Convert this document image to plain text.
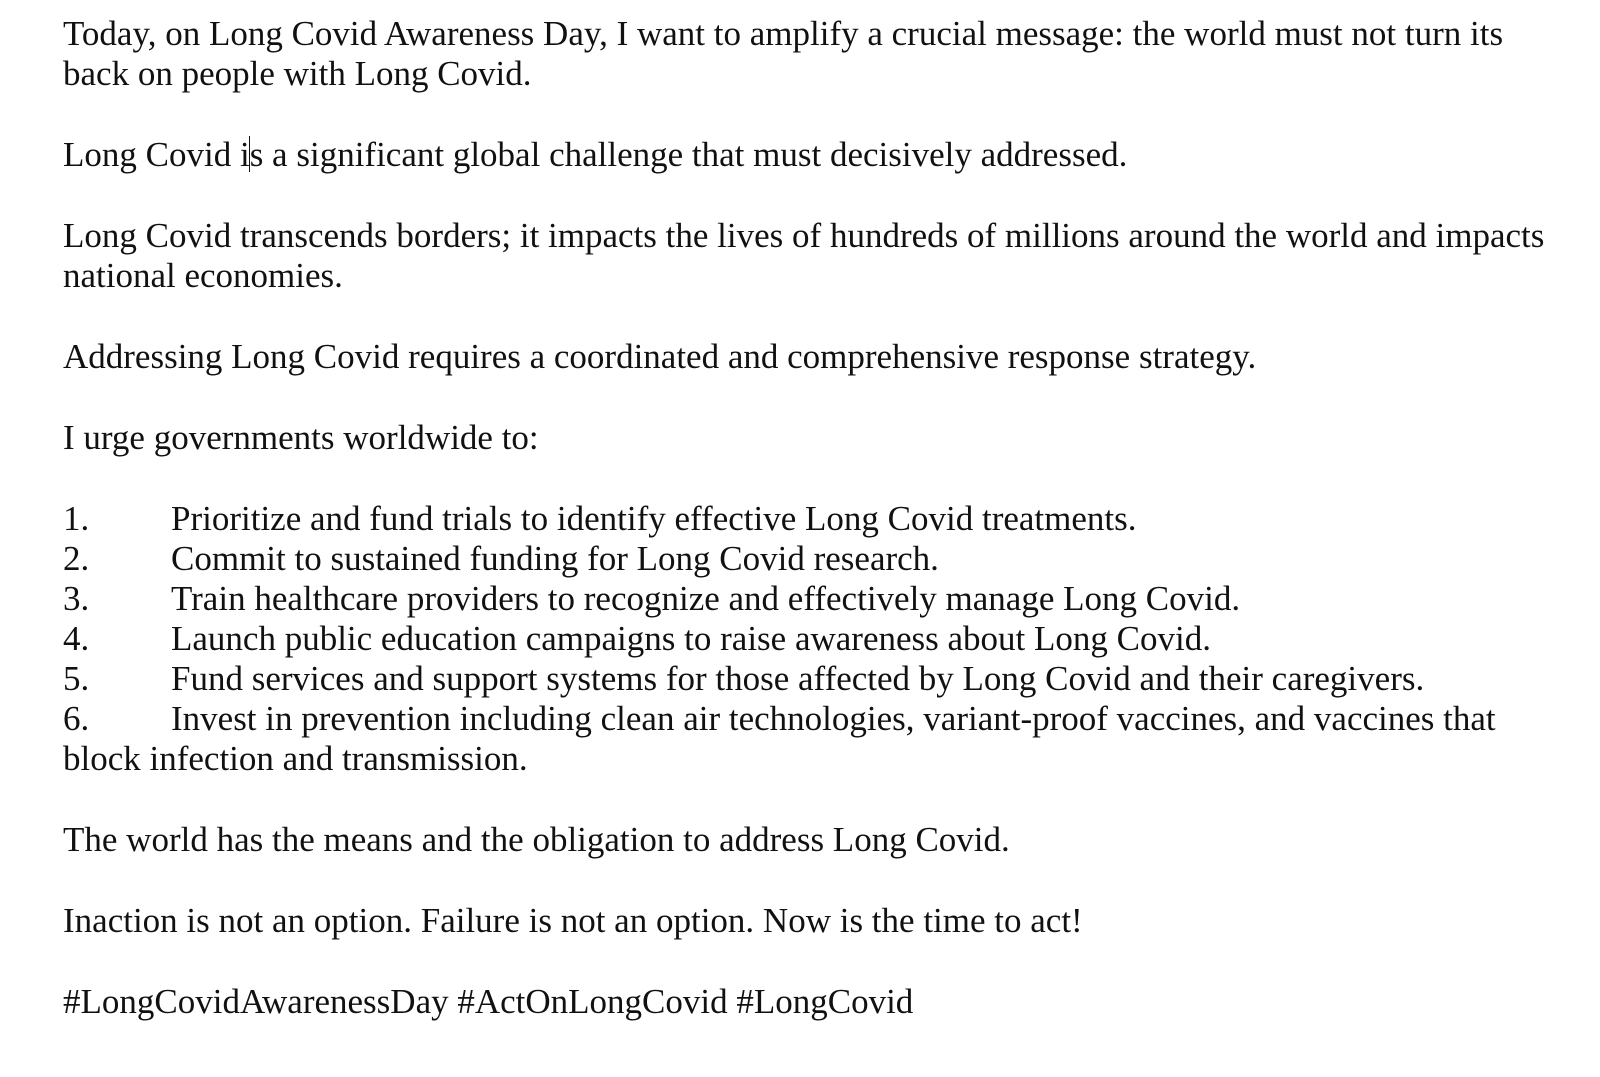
Today, on Long Covid Awareness Day, I want to amplify a crucial message: the world must not turn its back on people with Long Covid.

Long Covid is a significant global challenge that must decisively addressed.

Long Covid transcends borders; it impacts the lives of hundreds of millions around the world and impacts national economies.

Addressing Long Covid requires a coordinated and comprehensive response strategy.

I urge governments worldwide to:

1. Prioritize and fund trials to identify effective Long Covid treatments.
2. Commit to sustained funding for Long Covid research.
3. Train healthcare providers to recognize and effectively manage Long Covid.
4. Launch public education campaigns to raise awareness about Long Covid.
5. Fund services and support systems for those affected by Long Covid and their caregivers.
6. Invest in prevention including clean air technologies, variant-proof vaccines, and vaccines that block infection and transmission.

The world has the means and the obligation to address Long Covid.

Inaction is not an option. Failure is not an option. Now is the time to act!

#LongCovidAwarenessDay #ActOnLongCovid #LongCovid
